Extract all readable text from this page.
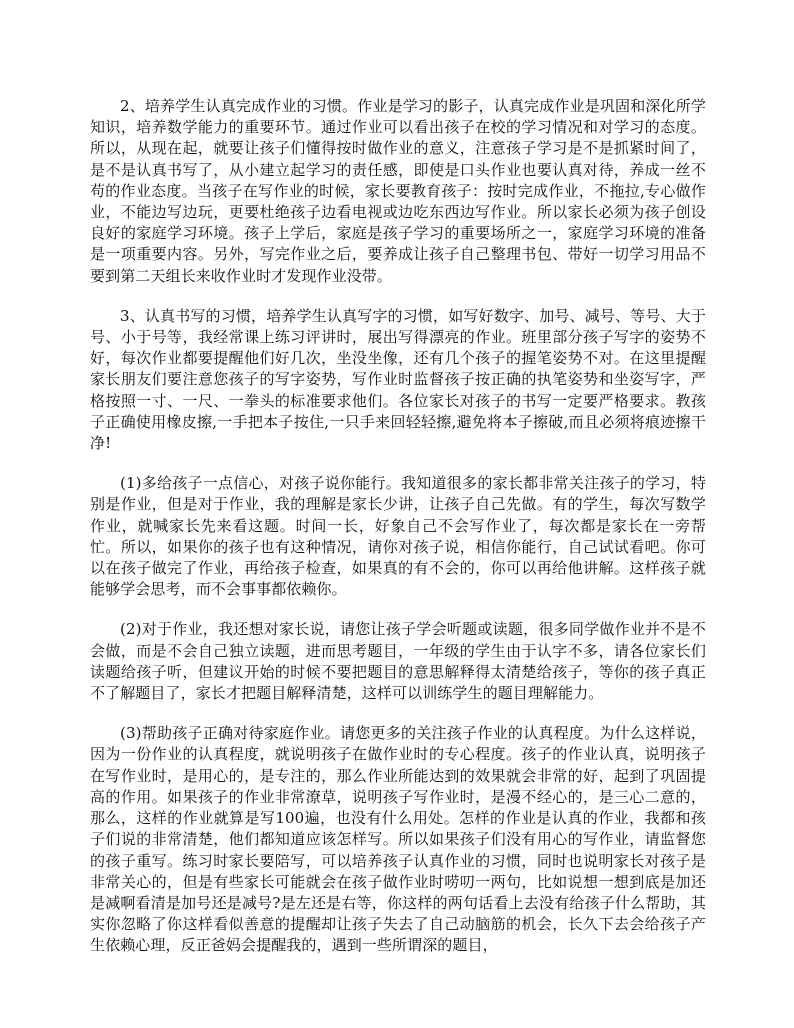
2、培养学生认真完成作业的习惯。作业是学习的影子，认真完成作业是巩固和深化所学知识，培养数学能力的重要环节。通过作业可以看出孩子在校的学习情况和对学习的态度。所以，从现在起，就要让孩子们懂得按时做作业的意义，注意孩子学习是不是抓紧时间了，是不是认真书写了，从小建立起学习的责任感，即使是口头作业也要认真对待，养成一丝不苟的作业态度。当孩子在写作业的时候，家长要教育孩子：按时完成作业，不拖拉,专心做作业，不能边写边玩，更要杜绝孩子边看电视或边吃东西边写作业。所以家长必须为孩子创设良好的家庭学习环境。孩子上学后，家庭是孩子学习的重要场所之一，家庭学习环境的准备是一项重要内容。另外，写完作业之后，要养成让孩子自己整理书包、带好一切学习用品不要到第二天组长来收作业时才发现作业没带。

3、认真书写的习惯，培养学生认真写字的习惯，如写好数字、加号、减号、等号、大于号、小于号等，我经常课上练习评讲时，展出写得漂亮的作业。班里部分孩子写字的姿势不好，每次作业都要提醒他们好几次，坐没坐像，还有几个孩子的握笔姿势不对。在这里提醒家长朋友们要注意您孩子的写字姿势，写作业时监督孩子按正确的执笔姿势和坐姿写字，严格按照一寸、一尺、一拳头的标准要求他们。各位家长对孩子的书写一定要严格要求。教孩子正确使用橡皮擦,一手把本子按住,一只手来回轻轻擦,避免将本子擦破,而且必须将痕迹擦干净!

(1)多给孩子一点信心，对孩子说你能行。我知道很多的家长都非常关注孩子的学习，特别是作业，但是对于作业，我的理解是家长少讲，让孩子自己先做。有的学生，每次写数学作业，就喊家长先来看这题。时间一长，好象自己不会写作业了，每次都是家长在一旁帮忙。所以，如果你的孩子也有这种情况，请你对孩子说，相信你能行，自己试试看吧。你可以在孩子做完了作业，再给孩子检查，如果真的有不会的，你可以再给他讲解。这样孩子就能够学会思考，而不会事事都依赖你。

(2)对于作业，我还想对家长说，请您让孩子学会听题或读题，很多同学做作业并不是不会做，而是不会自己独立读题，进而思考题目，一年级的学生由于认字不多，请各位家长们读题给孩子听，但建议开始的时候不要把题目的意思解释得太清楚给孩子，等你的孩子真正不了解题目了，家长才把题目解释清楚，这样可以训练学生的题目理解能力。

(3)帮助孩子正确对待家庭作业。请您更多的关注孩子作业的认真程度。为什么这样说，因为一份作业的认真程度，就说明孩子在做作业时的专心程度。孩子的作业认真，说明孩子在写作业时，是用心的，是专注的，那么作业所能达到的效果就会非常的好，起到了巩固提高的作用。如果孩子的作业非常潦草，说明孩子写作业时，是漫不经心的，是三心二意的，那么，这样的作业就算是写100遍，也没有什么用处。怎样的作业是认真的作业，我都和孩子们说的非常清楚，他们都知道应该怎样写。所以如果孩子们没有用心的写作业，请监督您的孩子重写。练习时家长要陪写，可以培养孩子认真作业的习惯，同时也说明家长对孩子是非常关心的，但是有些家长可能就会在孩子做作业时唠叨一两句，比如说想一想到底是加还是减啊看清是加号还是减号?是左还是右等，你这样的两句话看上去没有给孩子什么帮助，其实你忽略了你这样看似善意的提醒却让孩子失去了自己动脑筋的机会，长久下去会给孩子产生依赖心理，反正爸妈会提醒我的，遇到一些所谓深的题目，
